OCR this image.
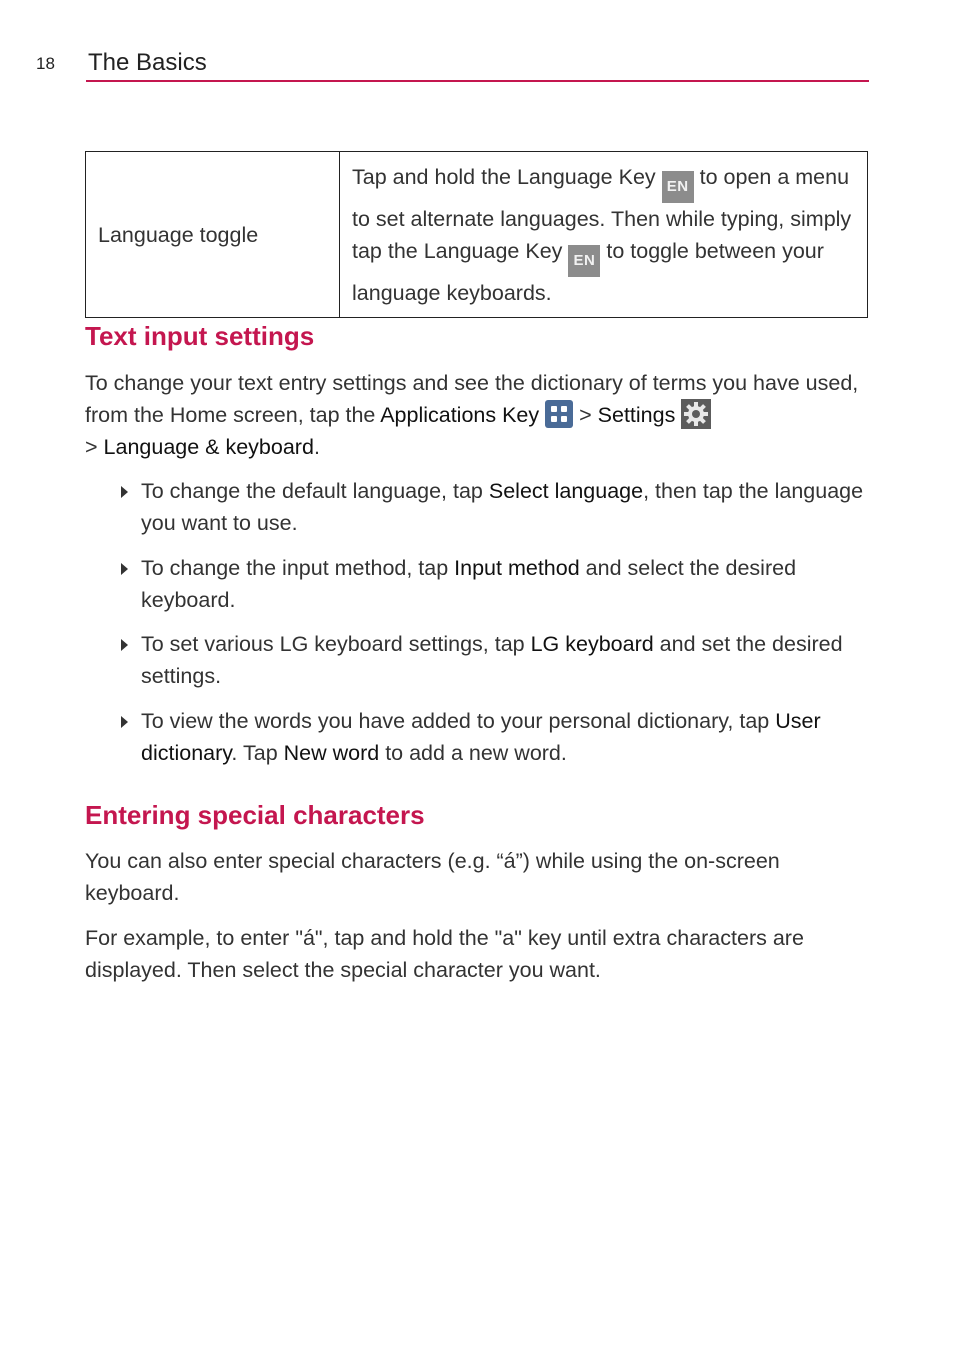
18 The Basics
Language toggle	Tap and hold the Language Key EN to open a menu to set alternate languages. Then while typing, simply tap the Language Key EN to toggle between your language keyboards.
Text input settings

To change your text entry settings and see the dictionary of terms you have used, from the Home screen, tap the Applications Key
> Settings

> Language & keyboard.

To change the default language, tap Select language, then tap the language you want to use.

To change the input method, tap Input method and select the desired keyboard.

To set various LG keyboard settings, tap LG keyboard and set the desired settings.

To view the words you have added to your personal dictionary, tap User dictionary. Tap New word to add a new word.

Entering special characters

You can also enter special characters (e.g. “á”) while using the on-screen keyboard.

For example, to enter "á", tap and hold the "a" key until extra characters are displayed. Then select the special character you want.
